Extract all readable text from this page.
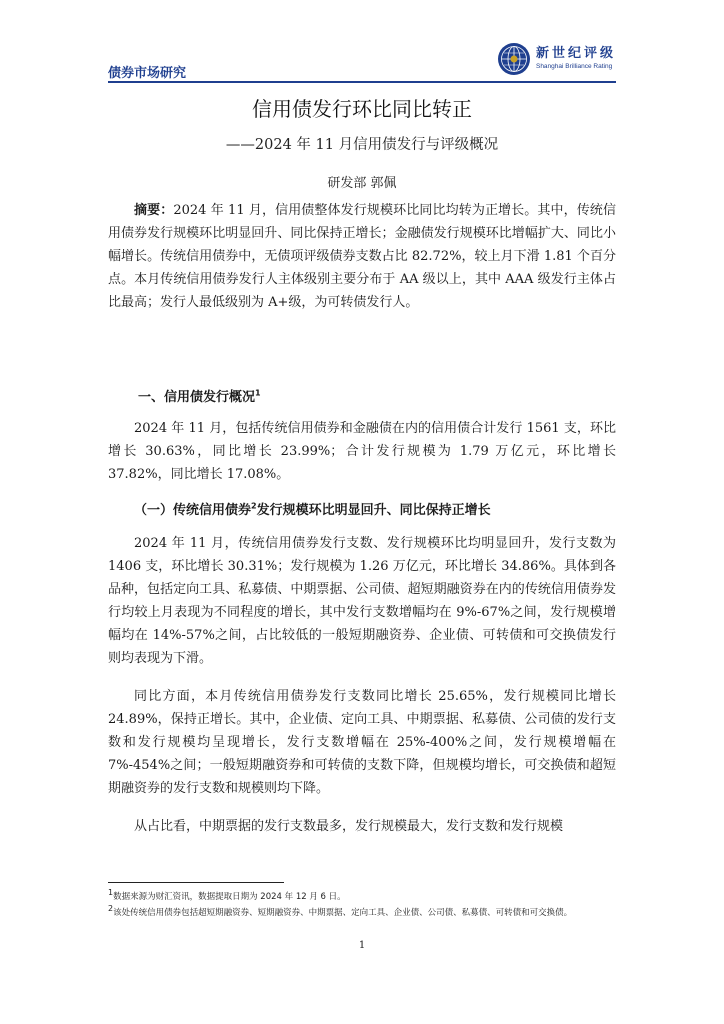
债券市场研究
新世纪评级
Shanghai Brilliance Rating
信用债发行环比同比转正
——2024 年 11 月信用债发行与评级概况
研发部 郭佩

摘要：2024 年 11 月，信用债整体发行规模环比同比均转为正增长。其中，传统信用债券发行规模环比明显回升、同比保持正增长；金融债发行规模环比增幅扩大、同比小幅增长。传统信用债券中，无债项评级债券支数占比 82.72%，较上月下滑 1.81 个百分点。本月传统信用债券发行人主体级别主要分布于 AA 级以上，其中 AAA 级发行主体占比最高；发行人最低级别为 A+级，为可转债发行人。

一、信用债发行概况$^1$

2024 年 11 月，包括传统信用债券和金融债在内的信用债合计发行 1561 支，环比增长 30.63%，同比增长 23.99%；合计发行规模为 1.79 万亿元，环比增长 37.82%，同比增长 17.08%。

（一）传统信用债券$^2$发行规模环比明显回升、同比保持正增长

2024 年 11 月，传统信用债券发行支数、发行规模环比均明显回升，发行支数为 1406 支，环比增长 30.31%；发行规模为 1.26 万亿元，环比增长 34.86%。具体到各品种，包括定向工具、私募债、中期票据、公司债、超短期融资券在内的传统信用债券发行均较上月表现为不同程度的增长，其中发行支数增幅均在 9%-67%之间，发行规模增幅均在 14%-57%之间，占比较低的一般短期融资券、企业债、可转债和可交换债发行则均表现为下滑。

同比方面，本月传统信用债券发行支数同比增长 25.65%，发行规模同比增长 24.89%，保持正增长。其中，企业债、定向工具、中期票据、私募债、公司债的发行支数和发行规模均呈现增长，发行支数增幅在 25%-400%之间，发行规模增幅在 7%-454%之间；一般短期融资券和可转债的支数下降，但规模均增长，可交换债和超短期融资券的发行支数和规模则均下降。

从占比看，中期票据的发行支数最多，发行规模最大，发行支数和发行规模

$^1$数据来源为财汇资讯，数据提取日期为 2024 年 12 月 6 日。
$^2$该处传统信用债券包括超短期融资券、短期融资券、中期票据、定向工具、企业债、公司债、私募债、可转债和可交换债。
1
